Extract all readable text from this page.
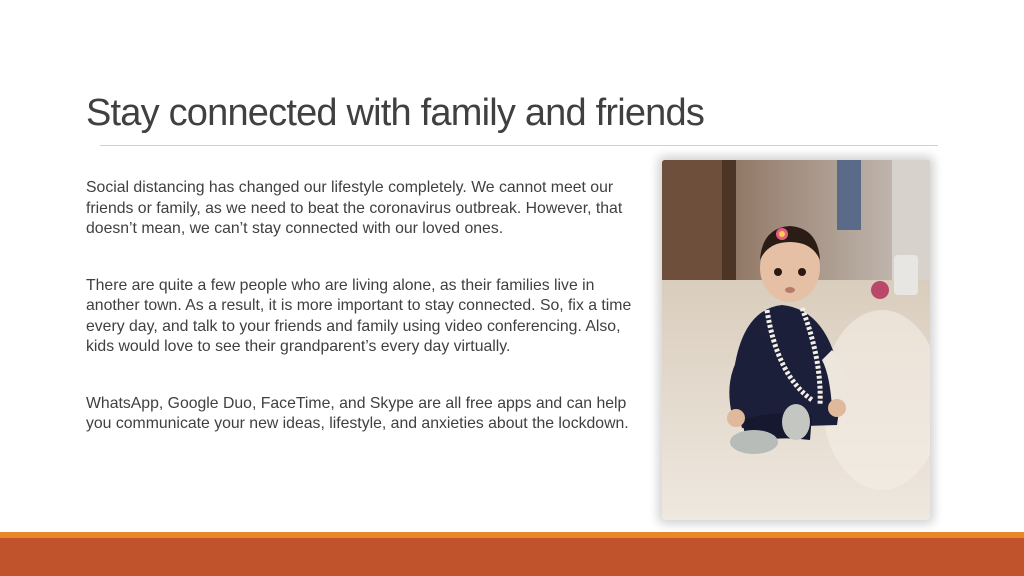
Stay connected with family and friends

Social distancing has changed our lifestyle completely. We cannot meet our friends or family, as we need to beat the coronavirus outbreak. However, that doesn’t mean, we can’t stay connected with our loved ones.

There are quite a few people who are living alone, as their families live in another town. As a result, it is more important to stay connected. So, fix a time every day, and talk to your friends and family using video conferencing. Also, kids would love to see their grandparent’s every day virtually.

WhatsApp, Google Duo, FaceTime, and Skype are all free apps and can help you communicate your new ideas, lifestyle, and anxieties about the lockdown.
